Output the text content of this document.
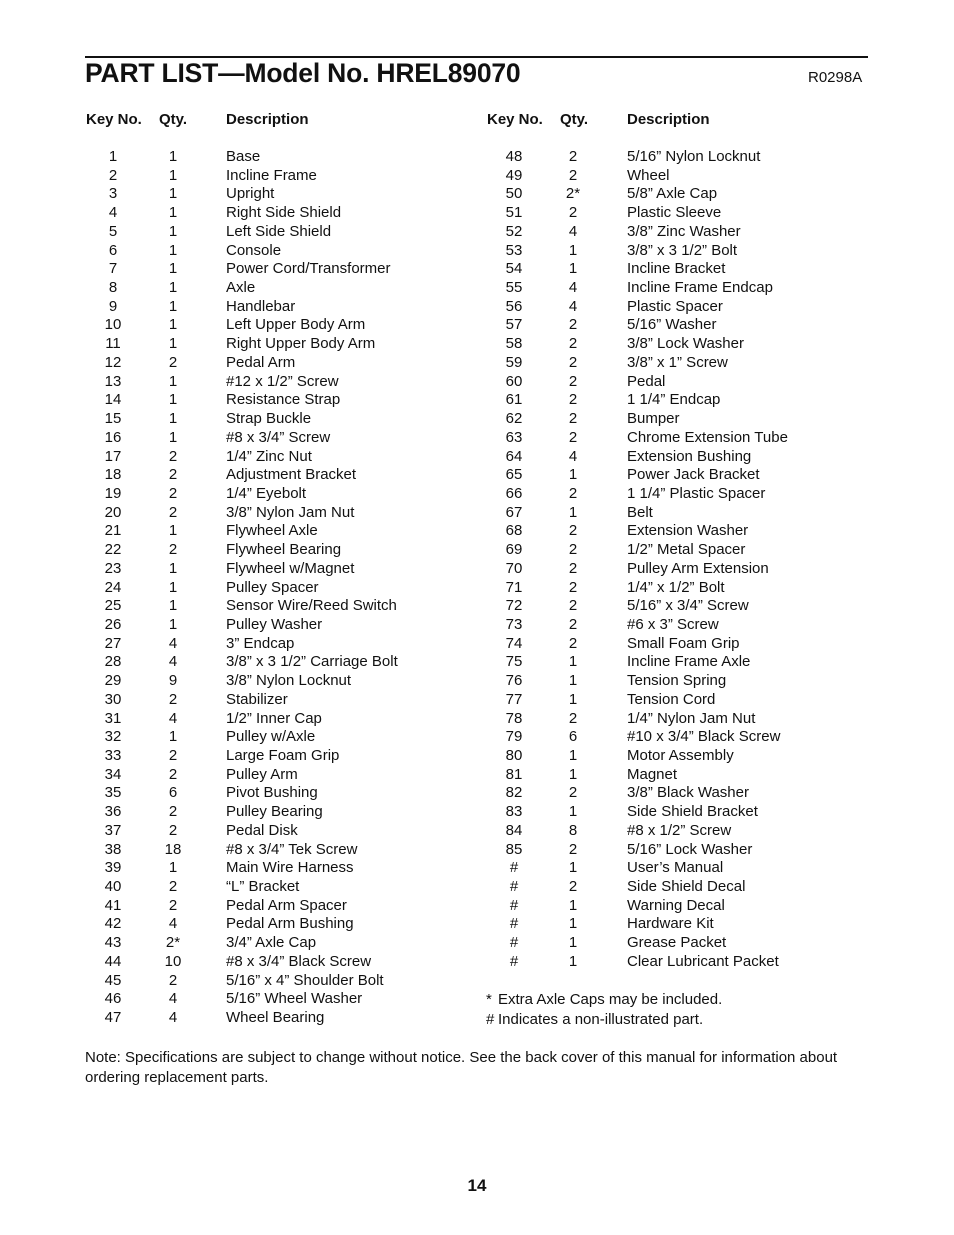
PART LIST—Model No. HREL89070	R0298A
Key No. Qty.	Description
1	1	Base
2	1	Incline Frame
3	1	Upright
4	1	Right Side Shield
5	1	Left Side Shield
6	1	Console
7	1	Power Cord/Transformer
8	1	Axle
9	1	Handlebar
10	1	Left Upper Body Arm
11	1	Right Upper Body Arm
12	2	Pedal Arm
13	1	#12 x 1/2” Screw
14	1	Resistance Strap
15	1	Strap Buckle
16	1	#8 x 3/4” Screw
17	2	1/4” Zinc Nut
18	2	Adjustment Bracket
19	2	1/4” Eyebolt
20	2	3/8” Nylon Jam Nut
21	1	Flywheel Axle
22	2	Flywheel Bearing
23	1	Flywheel w/Magnet
24	1	Pulley Spacer
25	1	Sensor Wire/Reed Switch
26	1	Pulley Washer
27	4	3” Endcap
28	4	3/8” x 3 1/2” Carriage Bolt
29	9	3/8” Nylon Locknut
30	2	Stabilizer
31	4	1/2” Inner Cap
32	1	Pulley w/Axle
33	2	Large Foam Grip
34	2	Pulley Arm
35	6	Pivot Bushing
36	2	Pulley Bearing
37	2	Pedal Disk
38	18	#8 x 3/4” Tek Screw
39	1	Main Wire Harness
40	2	“L” Bracket
41	2	Pedal Arm Spacer
42	4	Pedal Arm Bushing
43	2*	3/4” Axle Cap
44	10	#8 x 3/4” Black Screw
45	2	5/16” x 4” Shoulder Bolt
46	4	5/16” Wheel Washer
47	4	Wheel Bearing
Key No. Qty.	Description
48	2	5/16” Nylon Locknut
49	2	Wheel
50	2*	5/8” Axle Cap
51	2	Plastic Sleeve
52	4	3/8” Zinc Washer
53	1	3/8” x 3 1/2” Bolt
54	1	Incline Bracket
55	4	Incline Frame Endcap
56	4	Plastic Spacer
57	2	5/16” Washer
58	2	3/8” Lock Washer
59	2	3/8” x 1” Screw
60	2	Pedal
61	2	1 1/4” Endcap
62	2	Bumper
63	2	Chrome Extension Tube
64	4	Extension Bushing
65	1	Power Jack Bracket
66	2	1 1/4” Plastic Spacer
67	1	Belt
68	2	Extension Washer
69	2	1/2” Metal Spacer
70	2	Pulley Arm Extension
71	2	1/4” x 1/2” Bolt
72	2	5/16” x 3/4” Screw
73	2	#6 x 3” Screw
74	2	Small Foam Grip
75	1	Incline Frame Axle
76	1	Tension Spring
77	1	Tension Cord
78	2	1/4” Nylon Jam Nut
79	6	#10 x 3/4” Black Screw
80	1	Motor Assembly
81	1	Magnet
82	2	3/8” Black Washer
83	1	Side Shield Bracket
84	8	#8 x 1/2” Screw
85	2	5/16” Lock Washer
#	1	User’s Manual
#	2	Side Shield Decal
#	1	Warning Decal
#	1	Hardware Kit
#	1	Grease Packet
#	1	Clear Lubricant Packet
* Extra Axle Caps may be included.
# Indicates a non-illustrated part.
Note: Specifications are subject to change without notice. See the back cover of this manual for information about ordering replacement parts.
14
